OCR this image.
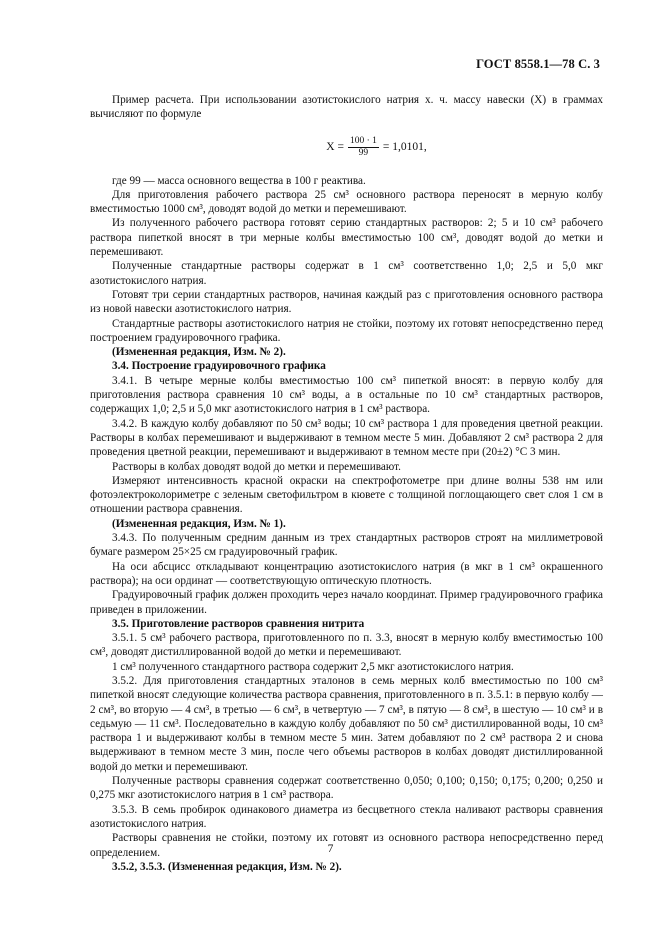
ГОСТ 8558.1—78 С. 3

Пример расчета. При использовании азотистокислого натрия х. ч. массу навески (X) в граммах вычисляют по формуле

$X = \frac{100 \cdot 1}{99} = 1,0101$,

где 99 — масса основного вещества в 100 г реактива.

Для приготовления рабочего раствора 25 см³ основного раствора переносят в мерную колбу вместимостью 1000 см³, доводят водой до метки и перемешивают.

Из полученного рабочего раствора готовят серию стандартных растворов: 2; 5 и 10 см³ рабочего раствора пипеткой вносят в три мерные колбы вместимостью 100 см³, доводят водой до метки и перемешивают.

Полученные стандартные растворы содержат в 1 см³ соответственно 1,0; 2,5 и 5,0 мкг азотистокислого натрия.

Готовят три серии стандартных растворов, начиная каждый раз с приготовления основного раствора из новой навески азотистокислого натрия.

Стандартные растворы азотистокислого натрия не стойки, поэтому их готовят непосредственно перед построением градуировочного графика.

(Измененная редакция, Изм. № 2).

3.4. Построение градуировочного графика

3.4.1. В четыре мерные колбы вместимостью 100 см³ пипеткой вносят: в первую колбу для приготовления раствора сравнения 10 см³ воды, а в остальные по 10 см³ стандартных растворов, содержащих 1,0; 2,5 и 5,0 мкг азотистокислого натрия в 1 см³ раствора.

3.4.2. В каждую колбу добавляют по 50 см³ воды; 10 см³ раствора 1 для проведения цветной реакции. Растворы в колбах перемешивают и выдерживают в темном месте 5 мин. Добавляют 2 см³ раствора 2 для проведения цветной реакции, перемешивают и выдерживают в темном месте при (20±2) °С 3 мин.

Растворы в колбах доводят водой до метки и перемешивают.

Измеряют интенсивность красной окраски на спектрофотометре при длине волны 538 нм или фотоэлектроколориметре с зеленым светофильтром в кювете с толщиной поглощающего свет слоя 1 см в отношении раствора сравнения.

(Измененная редакция, Изм. № 1).

3.4.3. По полученным средним данным из трех стандартных растворов строят на миллиметровой бумаге размером 25×25 см градуировочный график.

На оси абсцисс откладывают концентрацию азотистокислого натрия (в мкг в 1 см³ окрашенного раствора); на оси ординат — соответствующую оптическую плотность.

Градуировочный график должен проходить через начало координат. Пример градуировочного графика приведен в приложении.

3.5. Приготовление растворов сравнения нитрита

3.5.1. 5 см³ рабочего раствора, приготовленного по п. 3.3, вносят в мерную колбу вместимостью 100 см³, доводят дистиллированной водой до метки и перемешивают.

1 см³ полученного стандартного раствора содержит 2,5 мкг азотистокислого натрия.

3.5.2. Для приготовления стандартных эталонов в семь мерных колб вместимостью по 100 см³ пипеткой вносят следующие количества раствора сравнения, приготовленного в п. 3.5.1: в первую колбу — 2 см³, во вторую — 4 см³, в третью — 6 см³, в четвертую — 7 см³, в пятую — 8 см³, в шестую — 10 см³ и в седьмую — 11 см³. Последовательно в каждую колбу добавляют по 50 см³ дистиллированной воды, 10 см³ раствора 1 и выдерживают колбы в темном месте 5 мин. Затем добавляют по 2 см³ раствора 2 и снова выдерживают в темном месте 3 мин, после чего объемы растворов в колбах доводят дистиллированной водой до метки и перемешивают.

Полученные растворы сравнения содержат соответственно 0,050; 0,100; 0,150; 0,175; 0,200; 0,250 и 0,275 мкг азотистокислого натрия в 1 см³ раствора.

3.5.3. В семь пробирок одинакового диаметра из бесцветного стекла наливают растворы сравнения азотистокислого натрия.

Растворы сравнения не стойки, поэтому их готовят из основного раствора непосредственно перед определением.

3.5.2, 3.5.3. (Измененная редакция, Изм. № 2).

7
